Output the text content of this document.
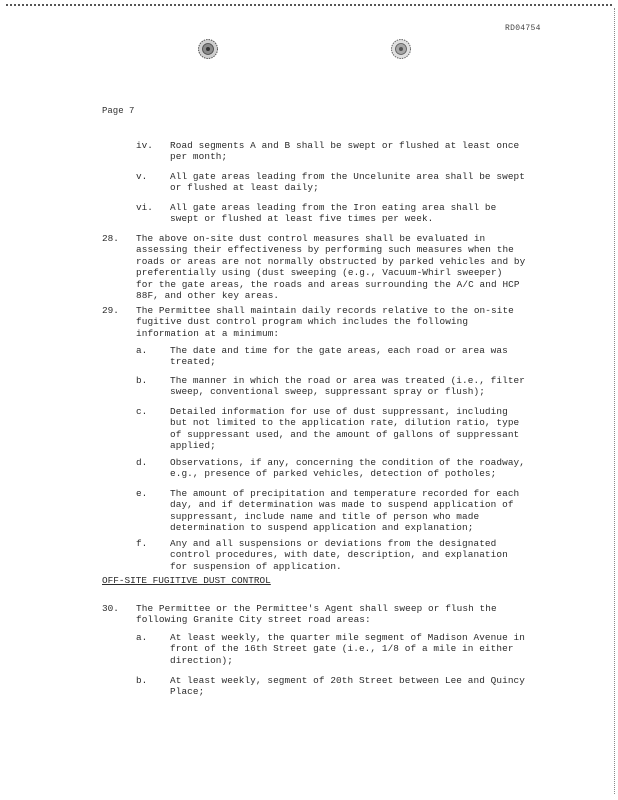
RD04754
Page 7
iv. Road segments A and B shall be swept or flushed at least once
per month;
v. All gate areas leading from the Uncelunite area shall be swept
or flushed at least daily;
vi. All gate areas leading from the Iron eating area shall be
swept or flushed at least five times per week.
28. The above on-site dust control measures shall be evaluated in
assessing their effectiveness by performing such measures when the
roads or areas are not normally obstructed by parked vehicles and by
preferentially using (dust sweeping (e.g., Vacuum-Whirl sweeper)
for the gate areas, the roads and areas surrounding the A/C and HCP
88F, and other key areas.
29. The Permittee shall maintain daily records relative to the on-site
fugitive dust control program which includes the following
information at a minimum:
a. The date and time for the gate areas, each road or area was
treated;
b. The manner in which the road or area was treated (i.e., filter
sweep, conventional sweep, suppressant spray or flush);
c. Detailed information for use of dust suppressant, including
but not limited to the application rate, dilution ratio, type
of suppressant used, and the amount of gallons of suppressant
applied;
d. Observations, if any, concerning the condition of the roadway,
e.g., presence of parked vehicles, detection of potholes;
e. The amount of precipitation and temperature recorded for each
day, and if determination was made to suspend application of
suppressant, include name and title of person who made
determination to suspend application and explanation;
f. Any and all suspensions or deviations from the designated
control procedures, with date, description, and explanation
for suspension of application.
OFF-SITE FUGITIVE DUST CONTROL
30. The Permittee or the Permittee's Agent shall sweep or flush the
following Granite City street road areas:
a. At least weekly, the quarter mile segment of Madison Avenue in
front of the 16th Street gate (i.e., 1/8 of a mile in either
direction);
b. At least weekly, segment of 20th Street between Lee and Quincy
Place;
